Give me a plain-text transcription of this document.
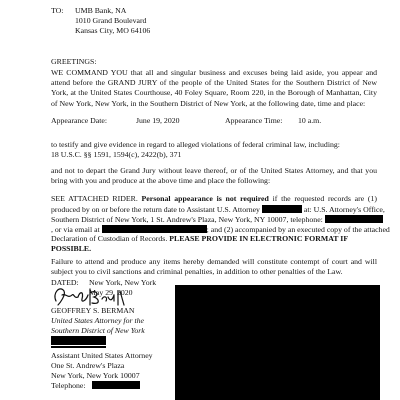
TO: UMB Bank, NA
1010 Grand Boulevard
Kansas City, MO 64106
GREETINGS:
WE COMMAND YOU that all and singular business and excuses being laid aside, you appear and attend before the GRAND JURY of the people of the United States for the Southern District of New York, at the United States Courthouse, 40 Foley Square, Room 220, in the Borough of Manhattan, City of New York, New York, in the Southern District of New York, at the following date, time and place:
Appearance Date:	June 19, 2020	Appearance Time: 10 a.m.
to testify and give evidence in regard to alleged violations of federal criminal law, including:
18 U.S.C. §§ 1591, 1594(c), 2422(b), 371
and not to depart the Grand Jury without leave thereof, or of the United States Attorney, and that you bring with you and produce at the above time and place the following:
SEE ATTACHED RIDER. Personal appearance is not required if the requested records are (1)
produced by on or before the return date to Assistant U.S. Attorney	at: U.S. Attorney's Office,
Southern District of New York, 1 St. Andrew's Plaza, New York, NY 10007, telephone:
, or via email at	; and (2) accompanied by an executed copy of the attached
Declaration of Custodian of Records. PLEASE PROVIDE IN ELECTRONIC FORMAT IF
POSSIBLE.
Failure to attend and produce any items hereby demanded will constitute contempt of court and will subject you to civil sanctions and criminal penalties, in addition to other penalties of the Law.
DATED: New York, New York
May 29, 2020
GEOFFREY S. BERMAN
United States Attorney for the
Southern District of New York
Assistant United States Attorney
One St. Andrew's Plaza
New York, New York 10007
Telephone:
